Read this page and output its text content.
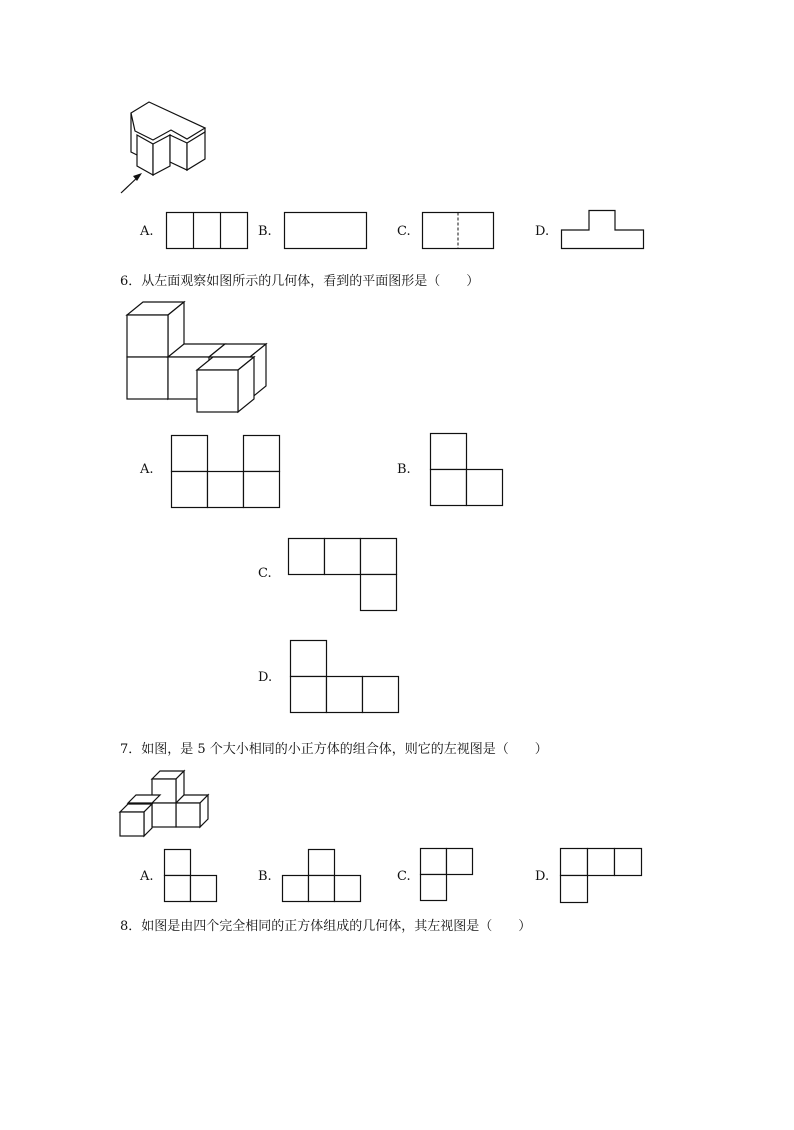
A.	B.	C.	D.
6．从左面观察如图所示的几何体，看到的平面图形是（　　）
A.	B.
C.
D.
7．如图，是 5 个大小相同的小正方体的组合体，则它的左视图是（　　）
A.	B.	C.	D.
8．如图是由四个完全相同的正方体组成的几何体，其左视图是（　　）
